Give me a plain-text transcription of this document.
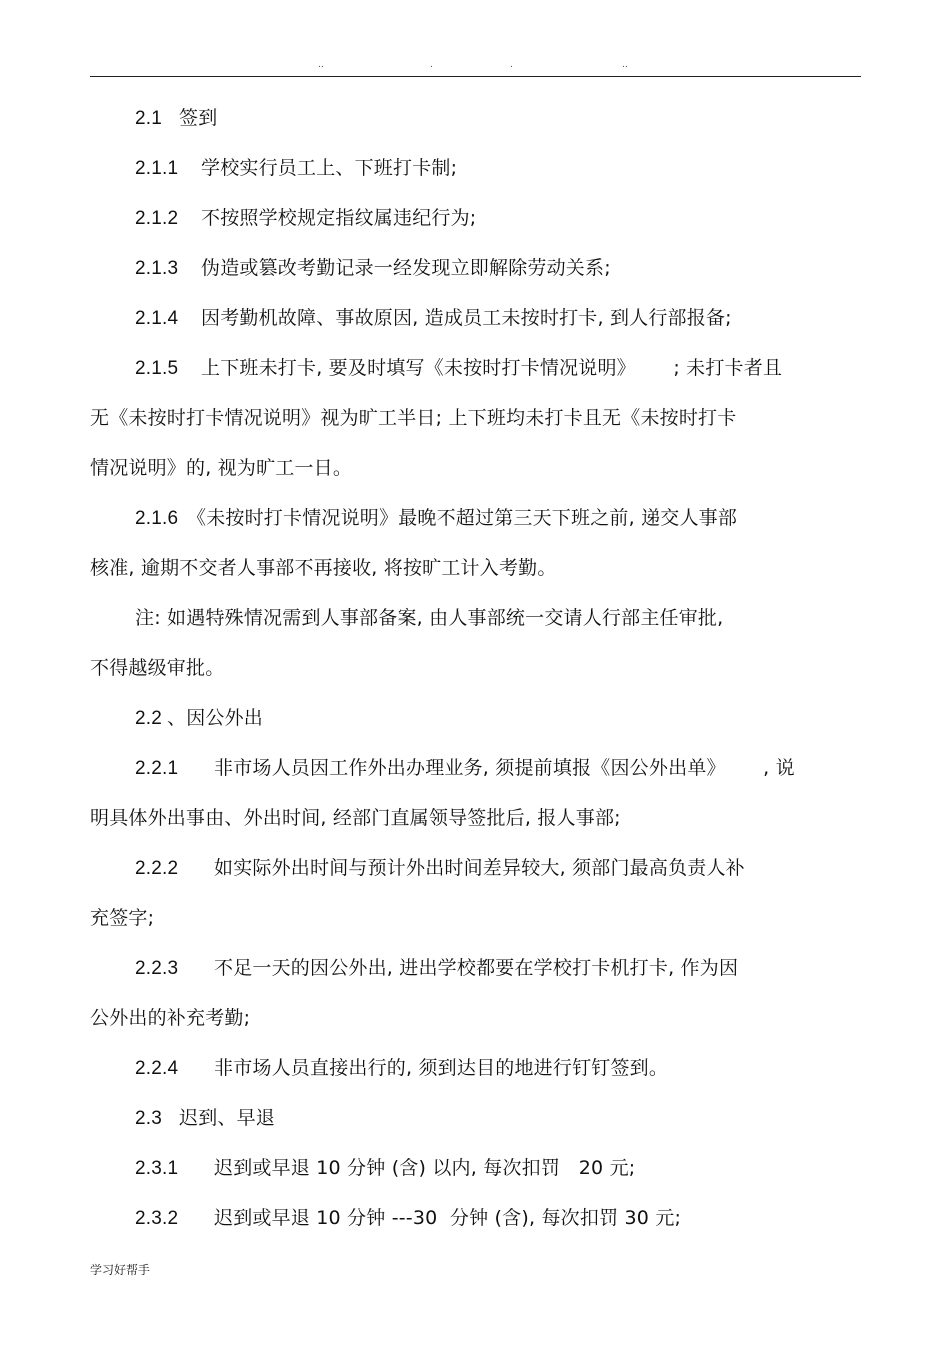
..	.	.	..
2.1 签到
2.1.1 学校实行员工上、下班打卡制;
2.1.2 不按照学校规定指纹属违纪行为;
2.1.3 伪造或篡改考勤记录一经发现立即解除劳动关系;
2.1.4 因考勤机故障、事故原因, 造成员工未按时打卡, 到人行部报备;
2.1.5 上下班未打卡, 要及时填写《未按时打卡情况说明》      ; 未打卡者且
无《未按时打卡情况说明》视为旷工半日; 上下班均未打卡且无《未按时打卡
情况说明》的, 视为旷工一日。
2.1.6 《未按时打卡情况说明》最晚不超过第三天下班之前, 递交人事部
核准, 逾期不交者人事部不再接收, 将按旷工计入考勤。
注: 如遇特殊情况需到人事部备案, 由人事部统一交请人行部主任审批,
不得越级审批。
2.2 、因公外出
2.2.1 非市场人员因工作外出办理业务, 须提前填报《因公外出单》      , 说
明具体外出事由、外出时间, 经部门直属领导签批后, 报人事部;
2.2.2 如实际外出时间与预计外出时间差异较大, 须部门最高负责人补
充签字;
2.2.3 不足一天的因公外出, 进出学校都要在学校打卡机打卡, 作为因
公外出的补充考勤;
2.2.4 非市场人员直接出行的, 须到达目的地进行钉钉签到。
2.3 迟到、早退
2.3.1 迟到或早退 10 分钟 (含) 以内, 每次扣罚   20 元;
2.3.2 迟到或早退 10 分钟 ---30  分钟 (含), 每次扣罚 30 元;
学习好帮手
